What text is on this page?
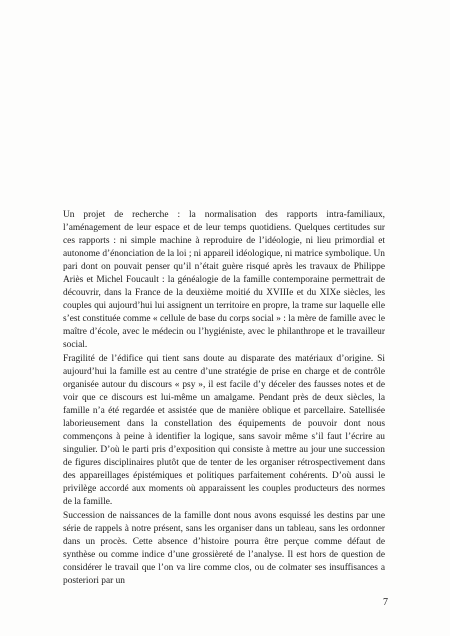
Un projet de recherche : la normalisation des rapports intra-familiaux, l’aménagement de leur espace et de leur temps quotidiens. Quelques certitudes sur ces rapports : ni simple machine à reproduire de l’idéologie, ni lieu primordial et autonome d’énonciation de la loi ; ni appareil idéologique, ni matrice symbolique. Un pari dont on pouvait penser qu’il n’était guère risqué après les travaux de Philippe Ariès et Michel Foucault : la généalogie de la famille contemporaine permettrait de découvrir, dans la France de la deuxième moitié du XVIIIe et du XIXe siècles, les couples qui aujourd’hui lui assignent un territoire en propre, la trame sur laquelle elle s’est constituée comme « cellule de base du corps social » : la mère de famille avec le maître d’école, avec le médecin ou l’hygiéniste, avec le philanthrope et le travailleur social.

Fragilité de l’édifice qui tient sans doute au disparate des matériaux d’origine. Si aujourd’hui la famille est au centre d’une stratégie de prise en charge et de contrôle organisée autour du discours « psy », il est facile d’y déceler des fausses notes et de voir que ce discours est lui-même un amalgame. Pendant près de deux siècles, la famille n’a été regardée et assistée que de manière oblique et parcellaire. Satellisée laborieusement dans la constellation des équipements de pouvoir dont nous commençons à peine à identifier la logique, sans savoir même s’il faut l’écrire au singulier. D’où le parti pris d’exposition qui consiste à mettre au jour une succession de figures disciplinaires plutôt que de tenter de les organiser rétrospectivement dans des appareillages épistémiques et politiques parfaitement cohérents. D’où aussi le privilège accordé aux moments où apparaissent les couples producteurs des normes de la famille.

Succession de naissances de la famille dont nous avons esquissé les destins par une série de rappels à notre présent, sans les organiser dans un tableau, sans les ordonner dans un procès. Cette absence d’histoire pourra être perçue comme défaut de synthèse ou comme indice d’une grossièreté de l’analyse. Il est hors de question de considérer le travail que l’on va lire comme clos, ou de colmater ses insuffisances a posteriori par un

7
